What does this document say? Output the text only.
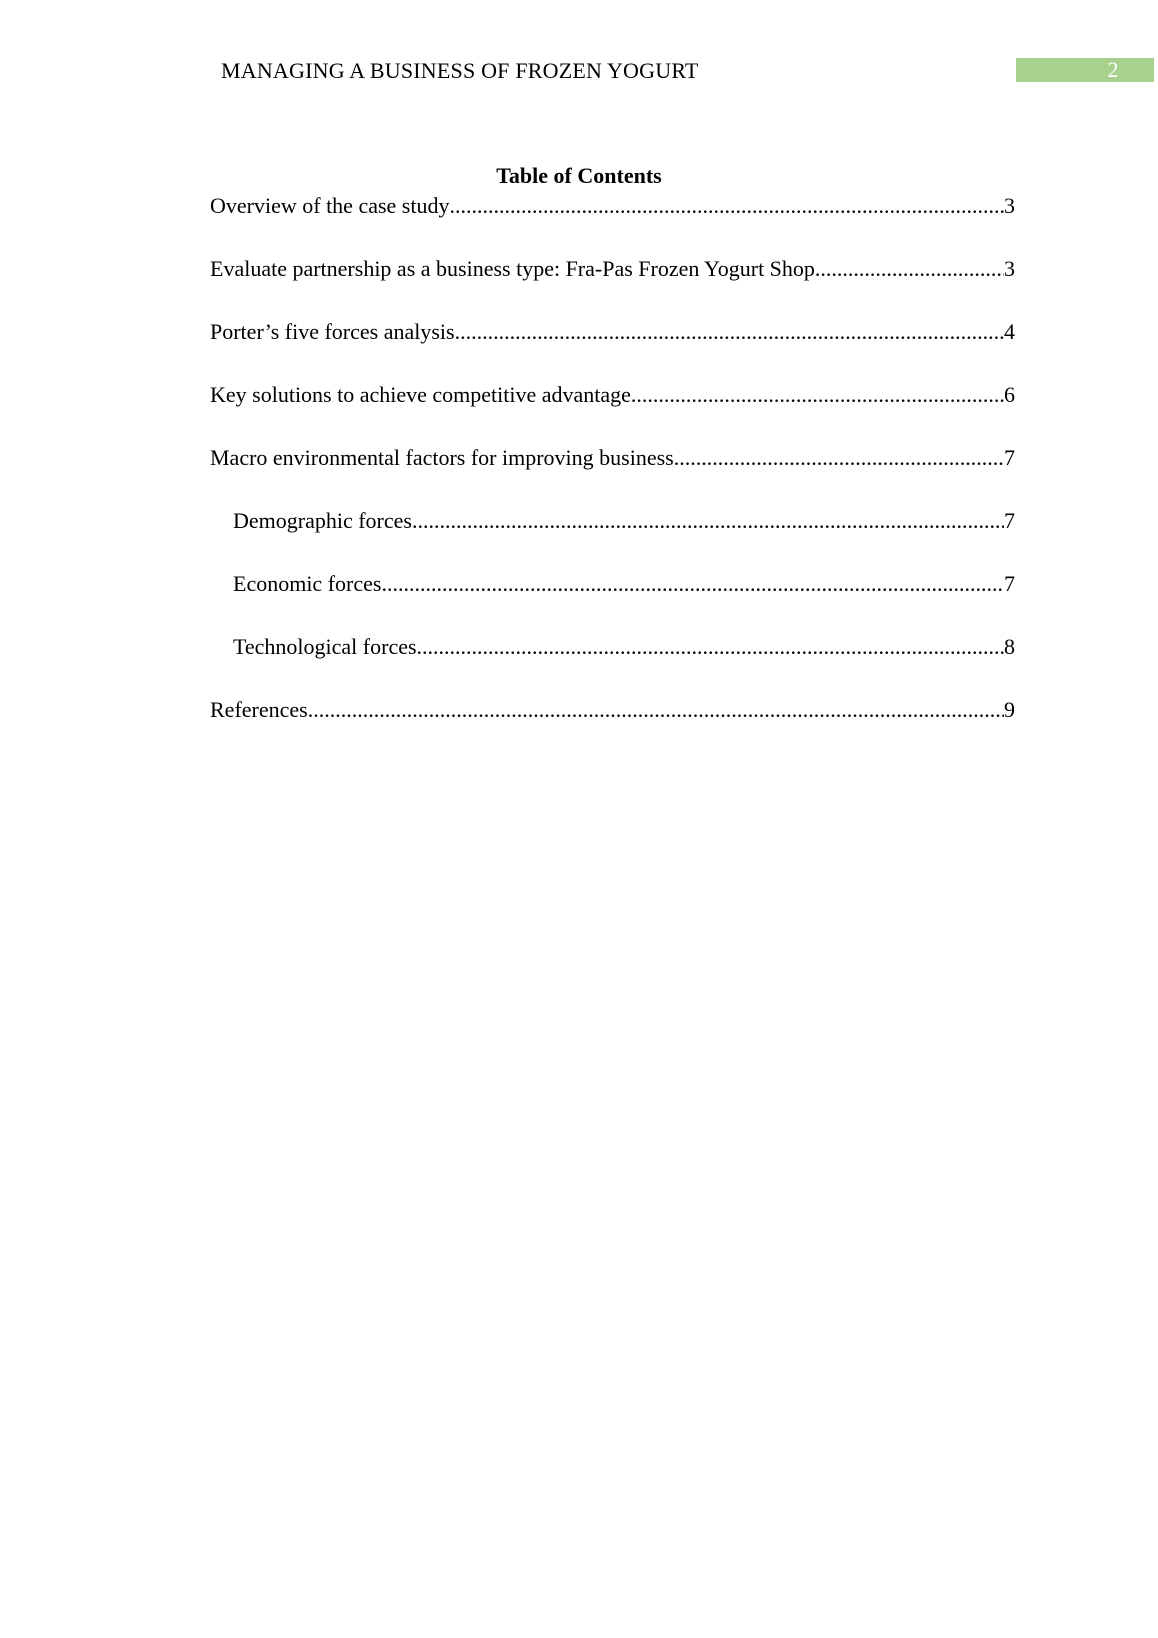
MANAGING A BUSINESS OF FROZEN YOGURT	2
Table of Contents
Overview of the case study .....	3
Evaluate partnership as a business type: Fra-Pas Frozen Yogurt Shop .....	3
Porter’s five forces analysis .....	4
Key solutions to achieve competitive advantage .....	6
Macro environmental factors for improving business .....	7
Demographic forces .....	7
Economic forces .....	7
Technological forces .....	8
References .....	9
